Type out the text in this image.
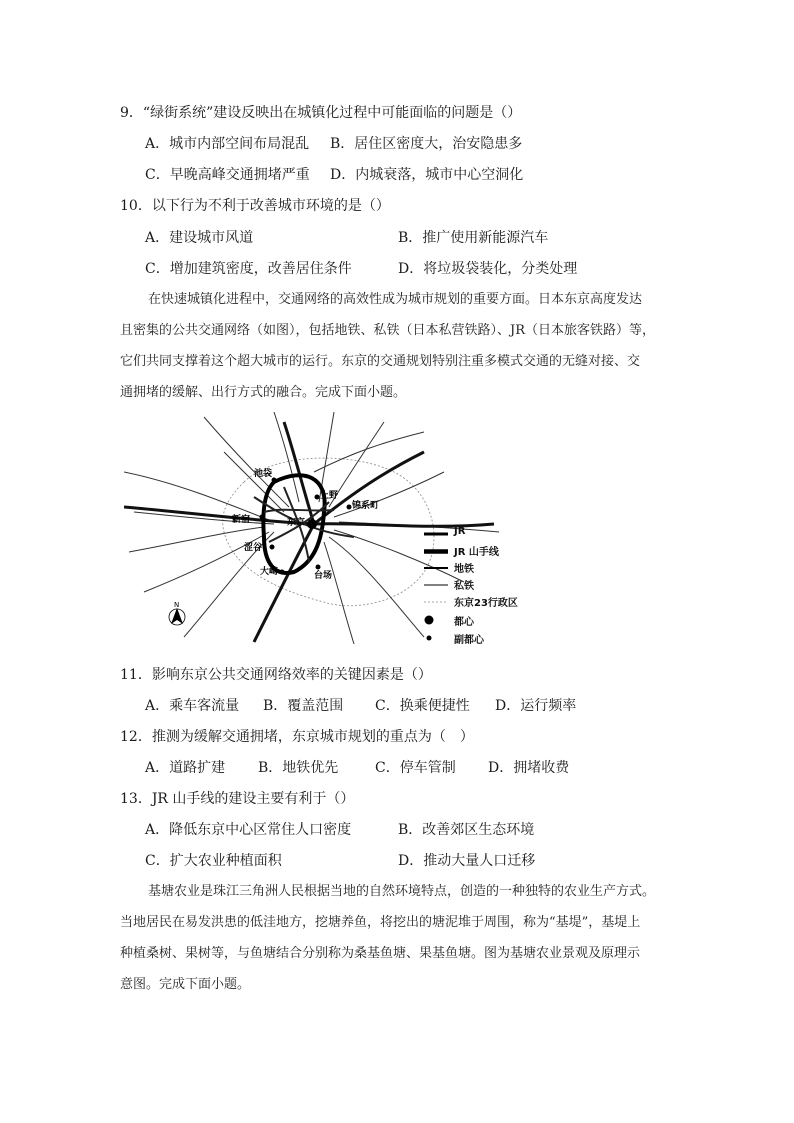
9．“绿街系统”建设反映出在城镇化过程中可能面临的问题是（）
A．城市内部空间布局混乱 B．居住区密度大，治安隐患多
C．早晚高峰交通拥堵严重 D．内城衰落，城市中心空洞化
10．以下行为不利于改善城市环境的是（）
A．建设城市风道	B．推广使用新能源汽车
C．增加建筑密度，改善居住条件	D．将垃圾袋装化，分类处理
在快速城镇化进程中，交通网络的高效性成为城市规划的重要方面。日本东京高度发达
且密集的公共交通网络（如图），包括地铁、私铁（日本私营铁路）、JR（日本旅客铁路）等，
它们共同支撑着这个超大城市的运行。东京的交通规划特别注重多模式交通的无缝对接、交
通拥堵的缓解、出行方式的融合。完成下面小题。
池袋
上野
锦系町
新宿	东京
涩谷
大崎	台场
N
JR
JR 山手线
地铁
私铁
东京23行政区
都心
副都心
11．影响东京公共交通网络效率的关键因素是（）
A．乘车客流量 B．覆盖范围 C．换乘便捷性 D．运行频率
12．推测为缓解交通拥堵，东京城市规划的重点为（　）
A．道路扩建 B．地铁优先	C．停车管制 D．拥堵收费
13．JR 山手线的建设主要有利于（）
A．降低东京中心区常住人口密度	B．改善郊区生态环境
C．扩大农业种植面积	D．推动大量人口迁移
基塘农业是珠江三角洲人民根据当地的自然环境特点，创造的一种独特的农业生产方式。
当地居民在易发洪患的低洼地方，挖塘养鱼，将挖出的塘泥堆于周围，称为“基堤”，基堤上
种植桑树、果树等，与鱼塘结合分别称为桑基鱼塘、果基鱼塘。图为基塘农业景观及原理示
意图。完成下面小题。
